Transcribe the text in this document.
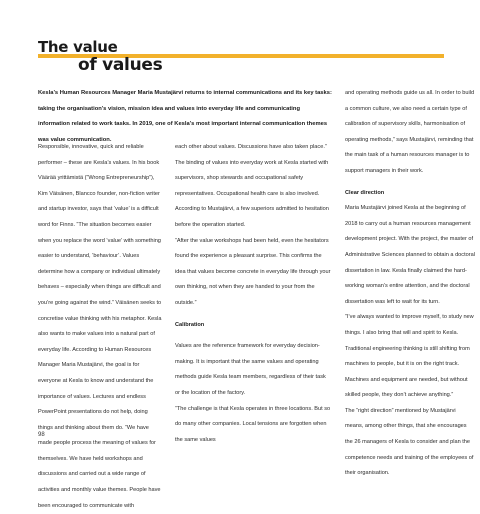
The value
of values
Kesla’s Human Resources Manager Maria Mustajärvi returns to internal communications and its key tasks: taking the organisation’s vision, mission idea and values into everyday life and communicating information related to work tasks. In 2019, one of Kesla’s most important internal communication themes was value communication.

Responsible, innovative, quick and reliable performer – these are Kesla’s values. In his book Väärää yrittämistä (“Wrong Entrepreneurship”), Kim Väisänen, Blancco founder, non-fiction writer and startup investor, says that ‘value’ is a difficult word for Finns. “The situation becomes easier when you replace the word ‘value’ with something easier to understand, ‘behaviour’. Values determine how a company or individual ultimately behaves – especially when things are difficult and you’re going against the wind.” Väisänen seeks to concretise value thinking with his metaphor. Kesla also wants to make values into a natural part of everyday life. According to Human Resources Manager Maria Mustajärvi, the goal is for everyone at Kesla to know and understand the importance of values. Lectures and endless PowerPoint presentations do not help, doing things and thinking about them do. “We have made people process the meaning of values for themselves. We have held workshops and discussions and carried out a wide range of activities and monthly value themes. People have been encouraged to communicate with

each other about values. Discussions have also taken place.”

The binding of values into everyday work at Kesla started with supervisors, shop stewards and occupational safety representatives. Occupational health care is also involved. According to Mustajärvi, a few superiors admitted to hesitation before the operation started.

“After the value workshops had been held, even the hesitators found the experience a pleasant surprise. This confirms the idea that values become concrete in everyday life through your own thinking, not when they are handed to your from the outside.”

Calibration

Values are the reference framework for everyday decision-making. It is important that the same values and operating methods guide Kesla team members, regardless of their task or the location of the factory.

“The challenge is that Kesla operates in three locations. But so do many other companies. Local tensions are forgotten when the same values

and operating methods guide us all. In order to build a common culture, we also need a certain type of calibration of supervisory skills, harmonisation of operating methods,” says Mustajärvi, reminding that the main task of a human resources manager is to support managers in their work.

Clear direction

Maria Mustajärvi joined Kesla at the beginning of 2018 to carry out a human resources management development project. With the project, the master of Administrative Sciences planned to obtain a doctoral dissertation in law. Kesla finally claimed the hard-working woman’s entire attention, and the doctoral dissertation was left to wait for its turn.

“I’ve always wanted to improve myself, to study new things. I also bring that will and spirit to Kesla. Traditional engineering thinking is still shifting from machines to people, but it is on the right track. Machines and equipment are needed, but without skilled people, they don’t achieve anything.”

The “right direction” mentioned by Mustajärvi means, among other things, that she encourages the 26 managers of Kesla to consider and plan the competence needs and training of the employees of their organisation.

98
